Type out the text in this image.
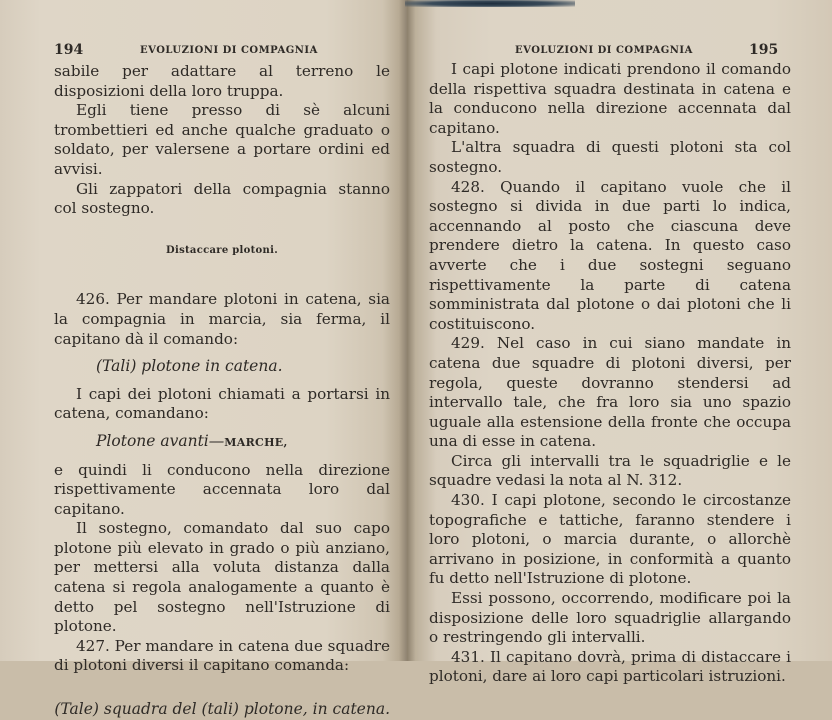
194	EVOLUZIONI DI COMPAGNIA

sabile per adattare al terreno le disposizioni della loro truppa.

Egli tiene presso di sè alcuni trombettieri ed anche qualche graduato o soldato, per valersene a portare ordini ed avvisi.

Gli zappatori della compagnia stanno col sostegno.

Distaccare plotoni.

426. Per mandare plotoni in catena, sia la compagnia in marcia, sia ferma, il capitano dà il comando:

(Tali) plotone in catena.

I capi dei plotoni chiamati a portarsi in catena, comandano:

Plotone avanti—MARCHE,

e quindi li conducono nella direzione rispettivamente accennata loro dal capitano.

Il sostegno, comandato dal suo capo plotone più elevato in grado o più anziano, per mettersi alla voluta distanza dalla catena si regola analogamente a quanto è detto pel sostegno nell'Istruzione di plotone.

427. Per mandare in catena due squadre di plotoni diversi il capitano comanda:

(Tale) squadra del (tali) plotone, in catena.
EVOLUZIONI DI COMPAGNIA	195

I capi plotone indicati prendono il comando della rispettiva squadra destinata in catena e la conducono nella direzione accennata dal capitano.

L'altra squadra di questi plotoni sta col sostegno.

428. Quando il capitano vuole che il sostegno si divida in due parti lo indica, accennando al posto che ciascuna deve prendere dietro la catena. In questo caso avverte che i due sostegni seguano rispettivamente la parte di catena somministrata dal plotone o dai plotoni che li costituiscono.

429. Nel caso in cui siano mandate in catena due squadre di plotoni diversi, per regola, queste dovranno stendersi ad intervallo tale, che fra loro sia uno spazio uguale alla estensione della fronte che occupa una di esse in catena.

Circa gli intervalli tra le squadriglie e le squadre vedasi la nota al N. 312.

430. I capi plotone, secondo le circostanze topografiche e tattiche, faranno stendere i loro plotoni, o marcia durante, o allorchè arrivano in posizione, in conformità a quanto fu detto nell'Istruzione di plotone.

Essi possono, occorrendo, modificare poi la disposizione delle loro squadriglie allargando o restringendo gli intervalli.

431. Il capitano dovrà, prima di distaccare i plotoni, dare ai loro capi particolari istruzioni.
